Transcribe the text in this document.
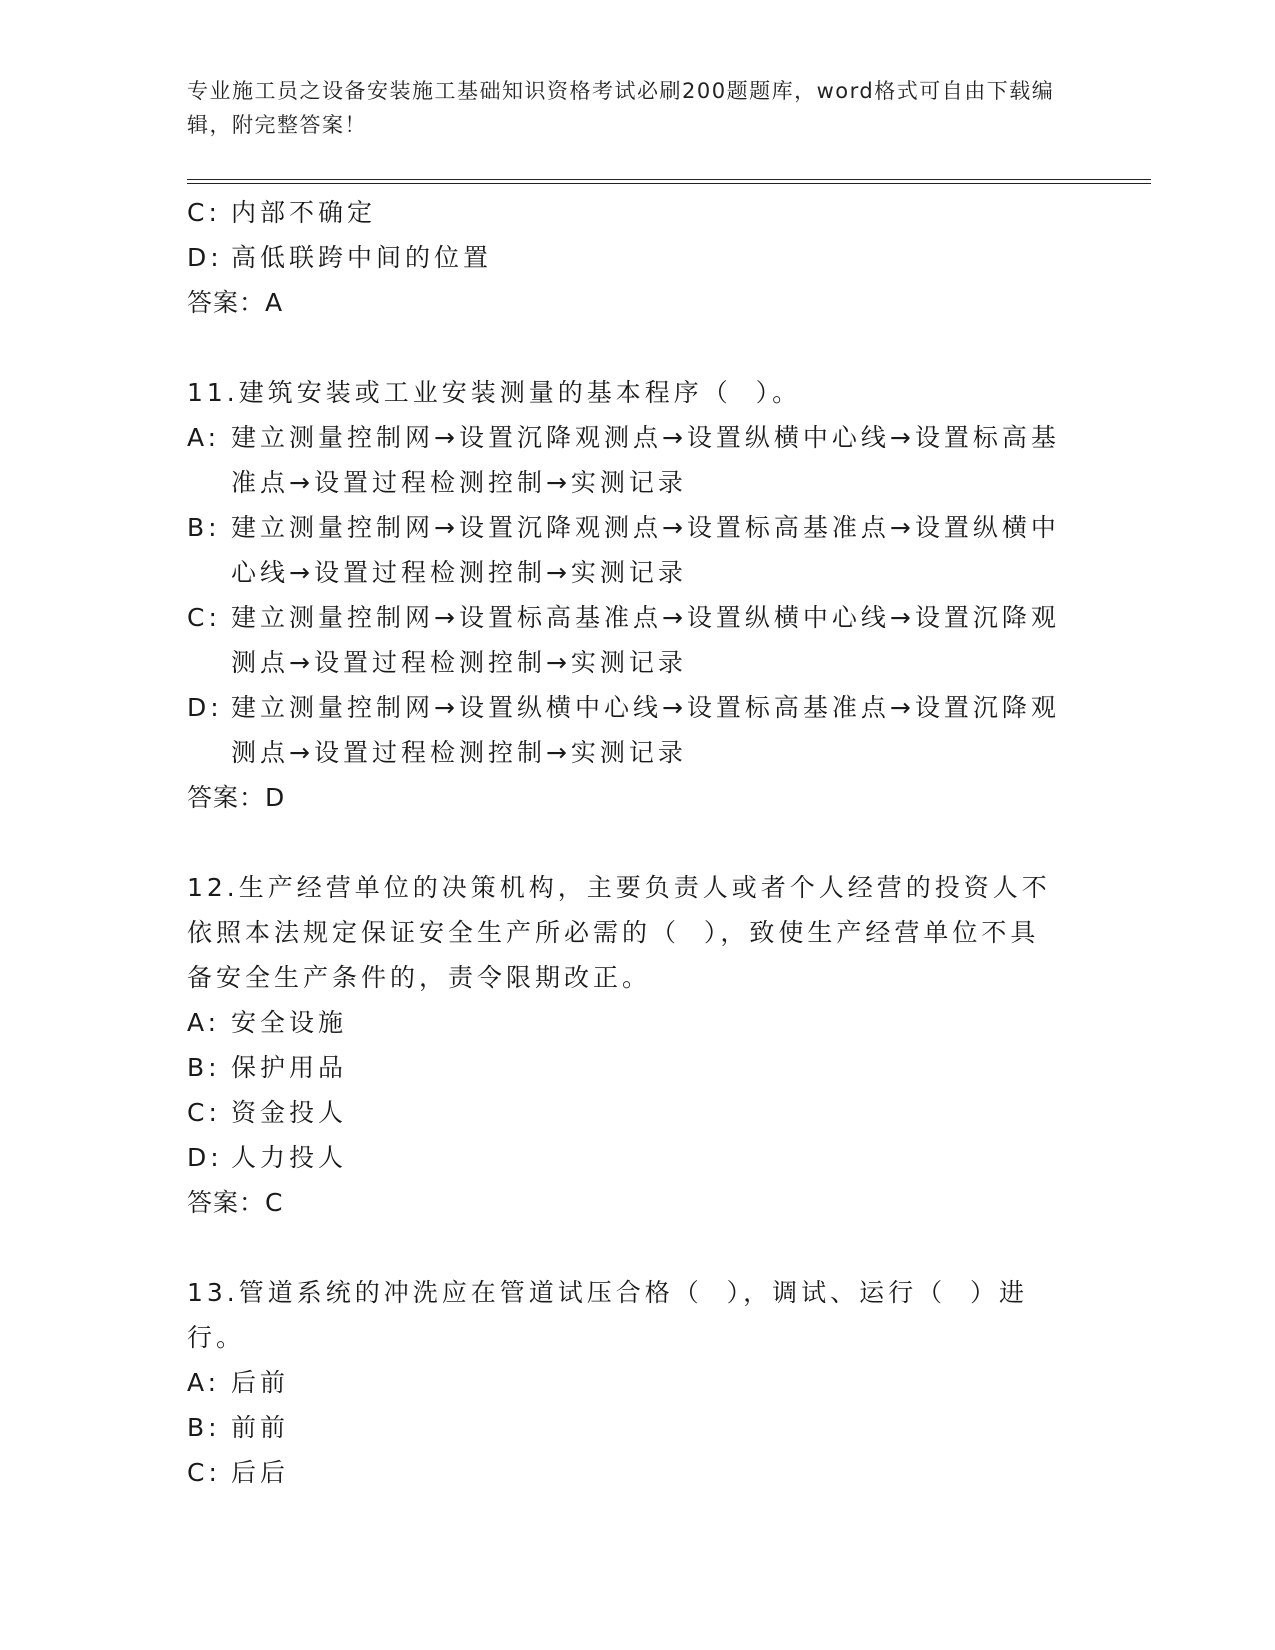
专业施工员之设备安装施工基础知识资格考试必刷200题题库，word格式可自由下载编辑，附完整答案！
C: 内部不确定
D: 高低联跨中间的位置
答案：A
11.建筑安装或工业安装测量的基本程序（  ）。
A: 建立测量控制网→设置沉降观测点→设置纵横中心线→设置标高基准点→设置过程检测控制→实测记录
B: 建立测量控制网→设置沉降观测点→设置标高基准点→设置纵横中心线→设置过程检测控制→实测记录
C: 建立测量控制网→设置标高基准点→设置纵横中心线→设置沉降观测点→设置过程检测控制→实测记录
D: 建立测量控制网→设置纵横中心线→设置标高基准点→设置沉降观测点→设置过程检测控制→实测记录
答案：D
12.生产经营单位的决策机构，主要负责人或者个人经营的投资人不依照本法规定保证安全生产所必需的（  ），致使生产经营单位不具备安全生产条件的，责令限期改正。
A: 安全设施
B: 保护用品
C: 资金投人
D: 人力投人
答案：C
13.管道系统的冲洗应在管道试压合格（  ），调试、运行（  ）进行。
A: 后前
B: 前前
C: 后后
